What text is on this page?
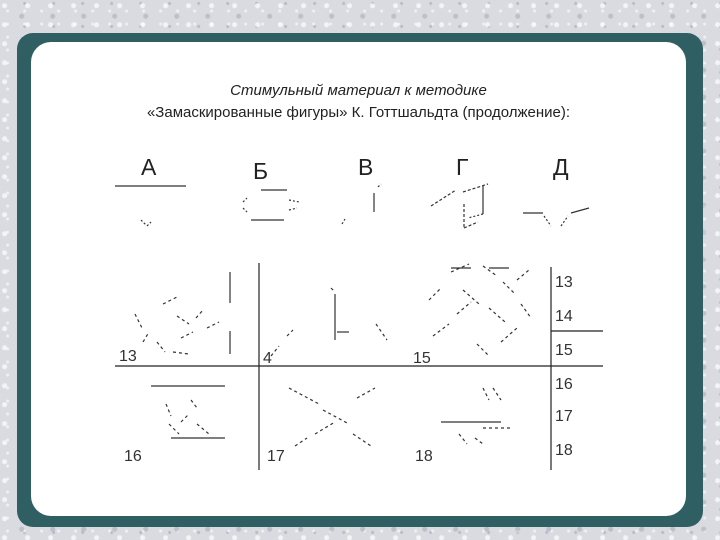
Стимульный материал к методике
«Замаскированные фигуры» К. Готтшальдта (продолжение):
А	Б	В	Г	Д
13	4	15
16	17	18
13
14
15
16
17
18
